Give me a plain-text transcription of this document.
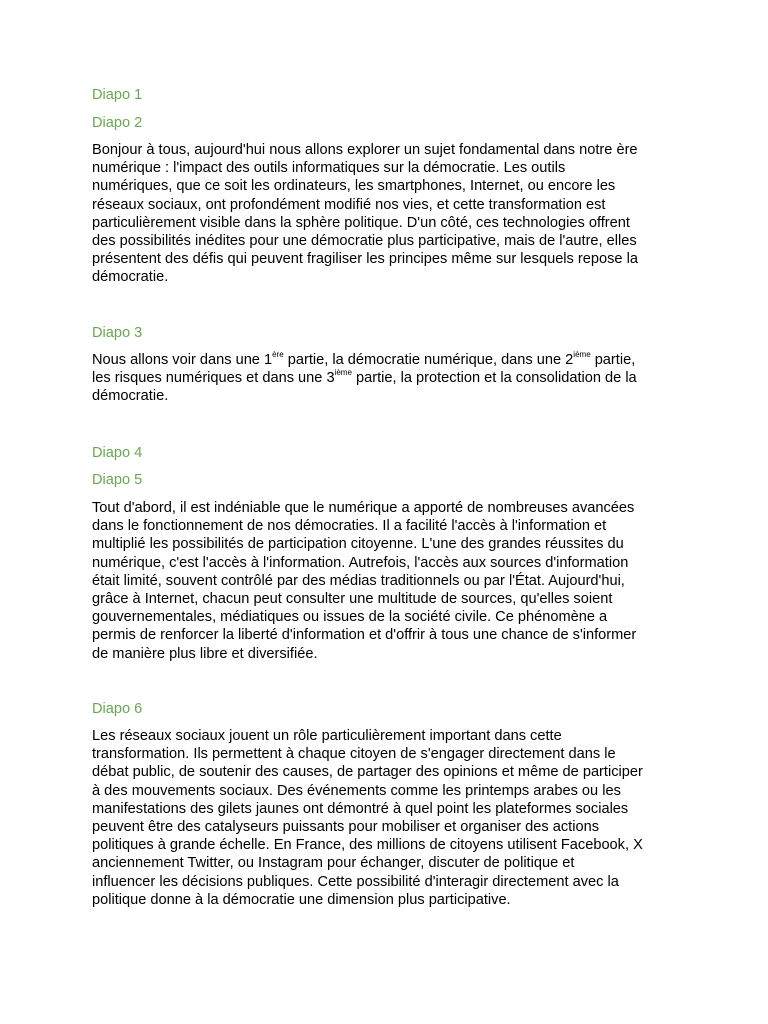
Diapo 1

Diapo 2

Bonjour à tous, aujourd'hui nous allons explorer un sujet fondamental dans notre ère
numérique : l'impact des outils informatiques sur la démocratie. Les outils
numériques, que ce soit les ordinateurs, les smartphones, Internet, ou encore les
réseaux sociaux, ont profondément modifié nos vies, et cette transformation est
particulièrement visible dans la sphère politique. D'un côté, ces technologies offrent
des possibilités inédites pour une démocratie plus participative, mais de l'autre, elles
présentent des défis qui peuvent fragiliser les principes même sur lesquels repose la
démocratie.

Diapo 3

Nous allons voir dans une 1ère partie, la démocratie numérique, dans une 2ième partie,
les risques numériques et dans une 3ième partie, la protection et la consolidation de la
démocratie.

Diapo 4

Diapo 5

Tout d'abord, il est indéniable que le numérique a apporté de nombreuses avancées
dans le fonctionnement de nos démocraties. Il a facilité l'accès à l'information et
multiplié les possibilités de participation citoyenne. L'une des grandes réussites du
numérique, c'est l'accès à l'information. Autrefois, l'accès aux sources d'information
était limité, souvent contrôlé par des médias traditionnels ou par l'État. Aujourd'hui,
grâce à Internet, chacun peut consulter une multitude de sources, qu'elles soient
gouvernementales, médiatiques ou issues de la société civile. Ce phénomène a
permis de renforcer la liberté d'information et d'offrir à tous une chance de s'informer
de manière plus libre et diversifiée.

Diapo 6

Les réseaux sociaux jouent un rôle particulièrement important dans cette
transformation. Ils permettent à chaque citoyen de s'engager directement dans le
débat public, de soutenir des causes, de partager des opinions et même de participer
à des mouvements sociaux. Des événements comme les printemps arabes ou les
manifestations des gilets jaunes ont démontré à quel point les plateformes sociales
peuvent être des catalyseurs puissants pour mobiliser et organiser des actions
politiques à grande échelle. En France, des millions de citoyens utilisent Facebook, X
anciennement Twitter, ou Instagram pour échanger, discuter de politique et
influencer les décisions publiques. Cette possibilité d'interagir directement avec la
politique donne à la démocratie une dimension plus participative.
